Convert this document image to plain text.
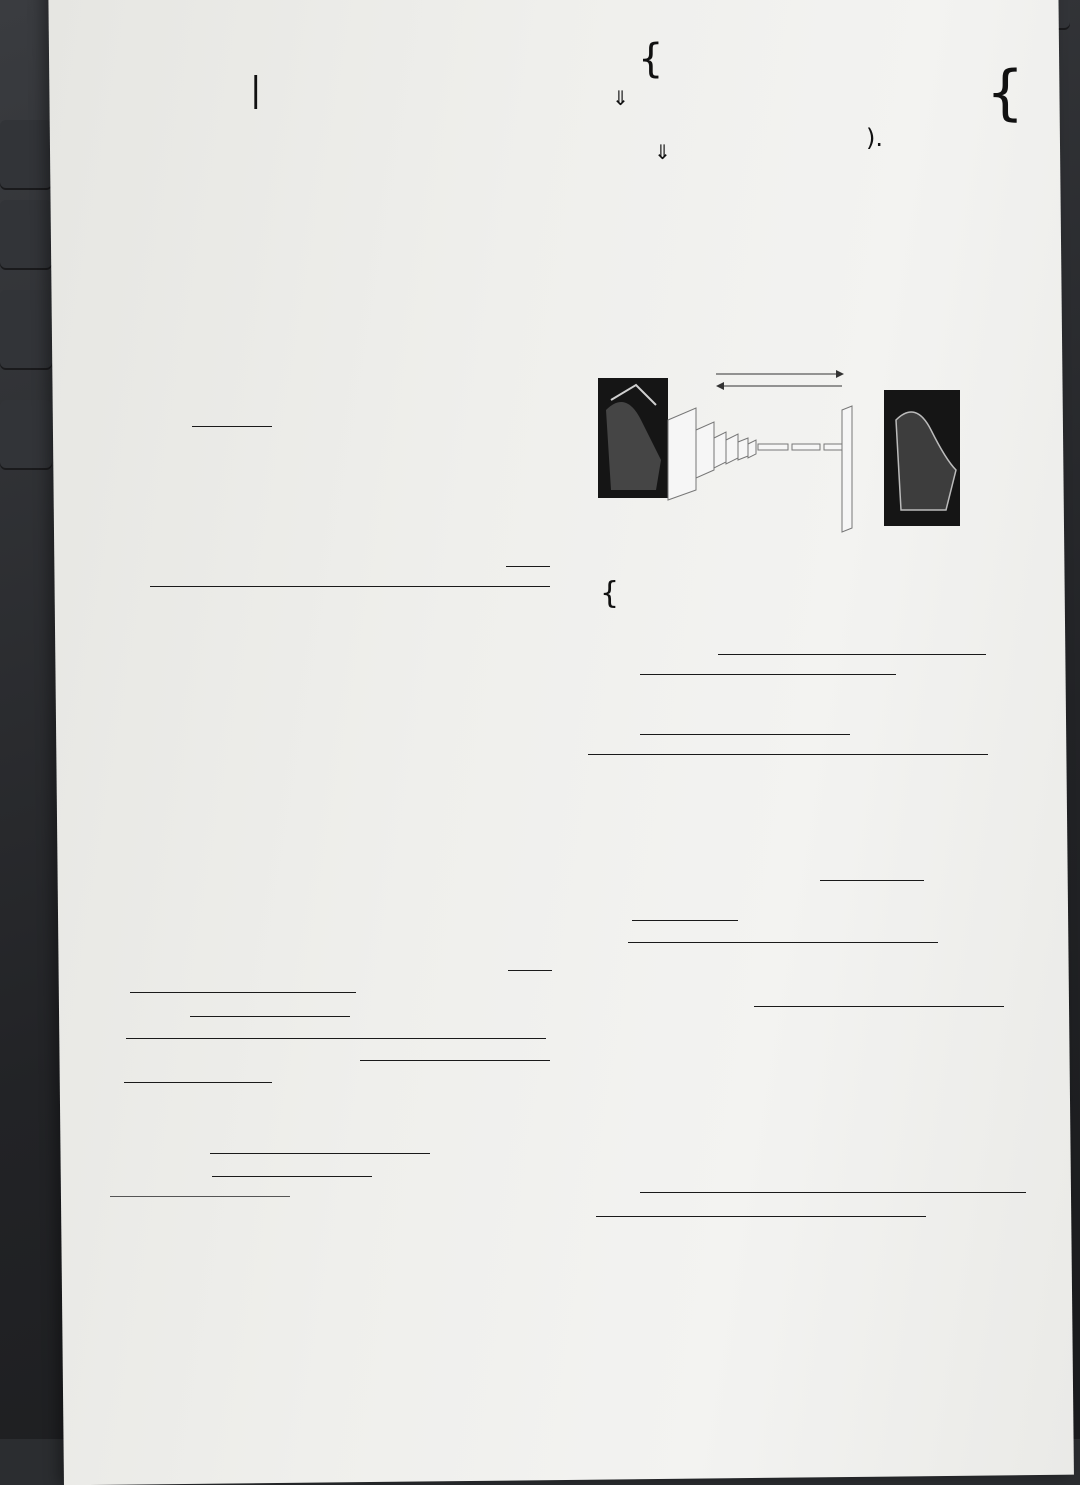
|
{
⇓
).
⇓
{
{
